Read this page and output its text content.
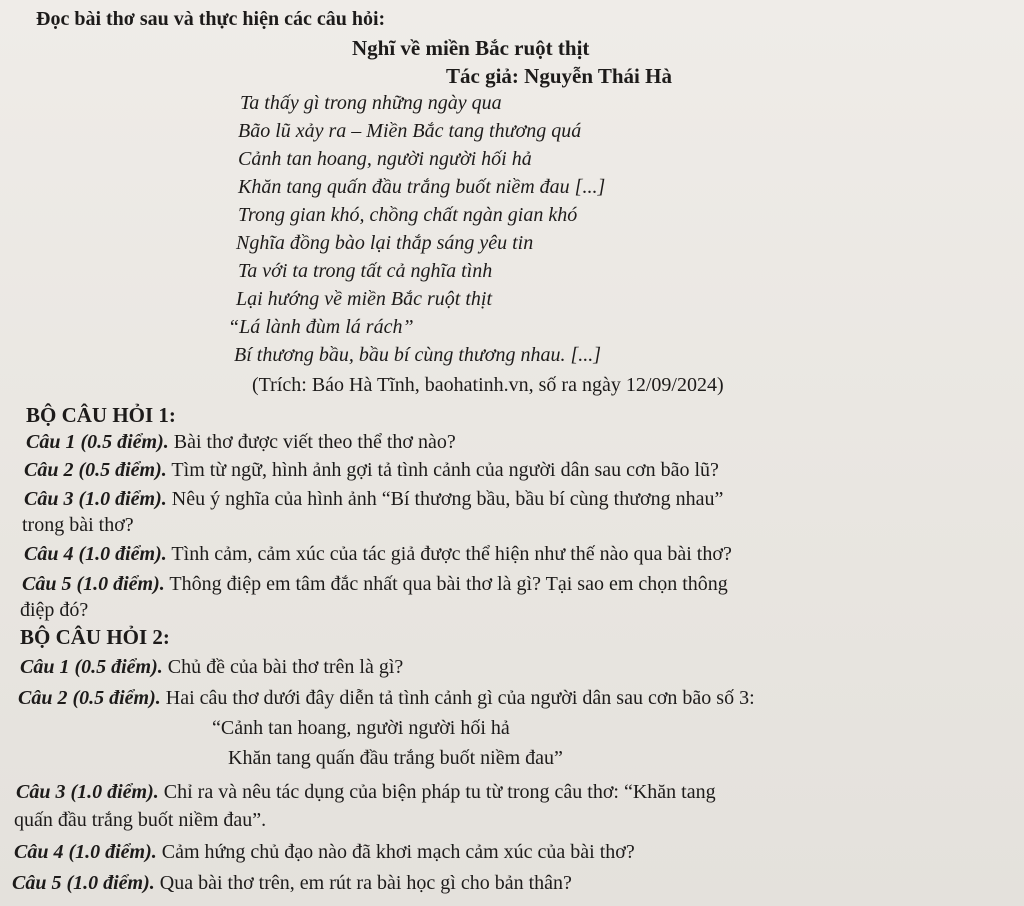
Đọc bài thơ sau và thực hiện các câu hỏi:
Nghĩ về miền Bắc ruột thịt
Tác giả: Nguyễn Thái Hà
Ta thấy gì trong những ngày qua
Bão lũ xảy ra – Miền Bắc tang thương quá
Cảnh tan hoang, người người hối hả
Khăn tang quấn đầu trắng buốt niềm đau [...]
Trong gian khó, chồng chất ngàn gian khó
Nghĩa đồng bào lại thắp sáng yêu tin
Ta với ta trong tất cả nghĩa tình
Lại hướng về miền Bắc ruột thịt
“Lá lành đùm lá rách”
Bí thương bầu, bầu bí cùng thương nhau. [...]
(Trích: Báo Hà Tĩnh, baohatinh.vn, số ra ngày 12/09/2024)
BỘ CÂU HỎI 1:
Câu 1 (0.5 điểm). Bài thơ được viết theo thể thơ nào?
Câu 2 (0.5 điểm). Tìm từ ngữ, hình ảnh gợi tả tình cảnh của người dân sau cơn bão lũ?
Câu 3 (1.0 điểm). Nêu ý nghĩa của hình ảnh “Bí thương bầu, bầu bí cùng thương nhau”
trong bài thơ?
Câu 4 (1.0 điểm). Tình cảm, cảm xúc của tác giả được thể hiện như thế nào qua bài thơ?
Câu 5 (1.0 điểm). Thông điệp em tâm đắc nhất qua bài thơ là gì? Tại sao em chọn thông
điệp đó?
BỘ CÂU HỎI 2:
Câu 1 (0.5 điểm). Chủ đề của bài thơ trên là gì?
Câu 2 (0.5 điểm). Hai câu thơ dưới đây diễn tả tình cảnh gì của người dân sau cơn bão số 3:
“Cảnh tan hoang, người người hối hả
Khăn tang quấn đầu trắng buốt niềm đau”
Câu 3 (1.0 điểm). Chỉ ra và nêu tác dụng của biện pháp tu từ trong câu thơ: “Khăn tang
quấn đầu trắng buốt niềm đau”.
Câu 4 (1.0 điểm). Cảm hứng chủ đạo nào đã khơi mạch cảm xúc của bài thơ?
Câu 5 (1.0 điểm). Qua bài thơ trên, em rút ra bài học gì cho bản thân?
